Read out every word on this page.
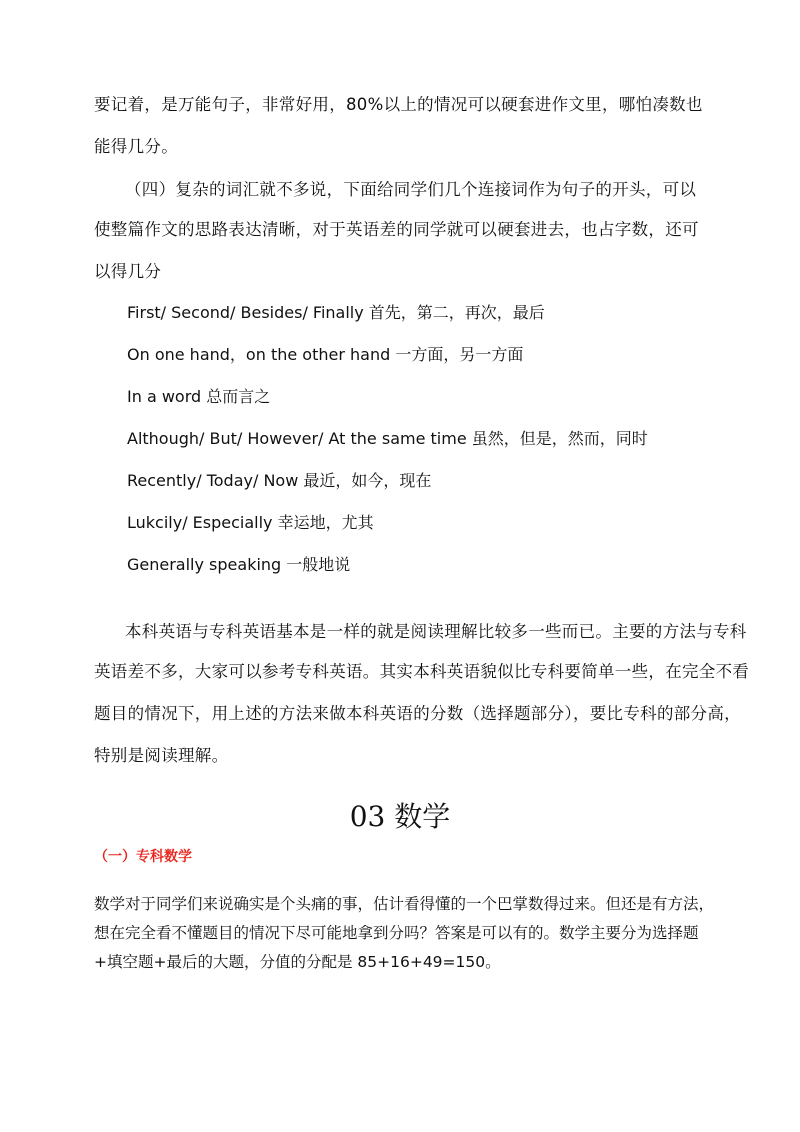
要记着，是万能句子，非常好用，80%以上的情况可以硬套进作文里，哪怕凑数也
能得几分。
（四）复杂的词汇就不多说，下面给同学们几个连接词作为句子的开头，可以
使整篇作文的思路表达清晰，对于英语差的同学就可以硬套进去，也占字数，还可
以得几分
First/ Second/ Besides/ Finally 首先，第二，再次，最后
On one hand，on the other hand 一方面，另一方面
In a word 总而言之
Although/ But/ However/ At the same time 虽然，但是，然而，同时
Recently/ Today/ Now 最近，如今，现在
Lukcily/ Especially 幸运地，尤其
Generally speaking 一般地说
本科英语与专科英语基本是一样的就是阅读理解比较多一些而已。主要的方法与专科
英语差不多，大家可以参考专科英语。其实本科英语貌似比专科要简单一些，在完全不看
题目的情况下，用上述的方法来做本科英语的分数（选择题部分），要比专科的部分高，
特别是阅读理解。
03 数学
（一）专科数学
数学对于同学们来说确实是个头痛的事，估计看得懂的一个巴掌数得过来。但还是有方法，
想在完全看不懂题目的情况下尽可能地拿到分吗？答案是可以有的。数学主要分为选择题
+填空题+最后的大题，分值的分配是 85+16+49=150。
